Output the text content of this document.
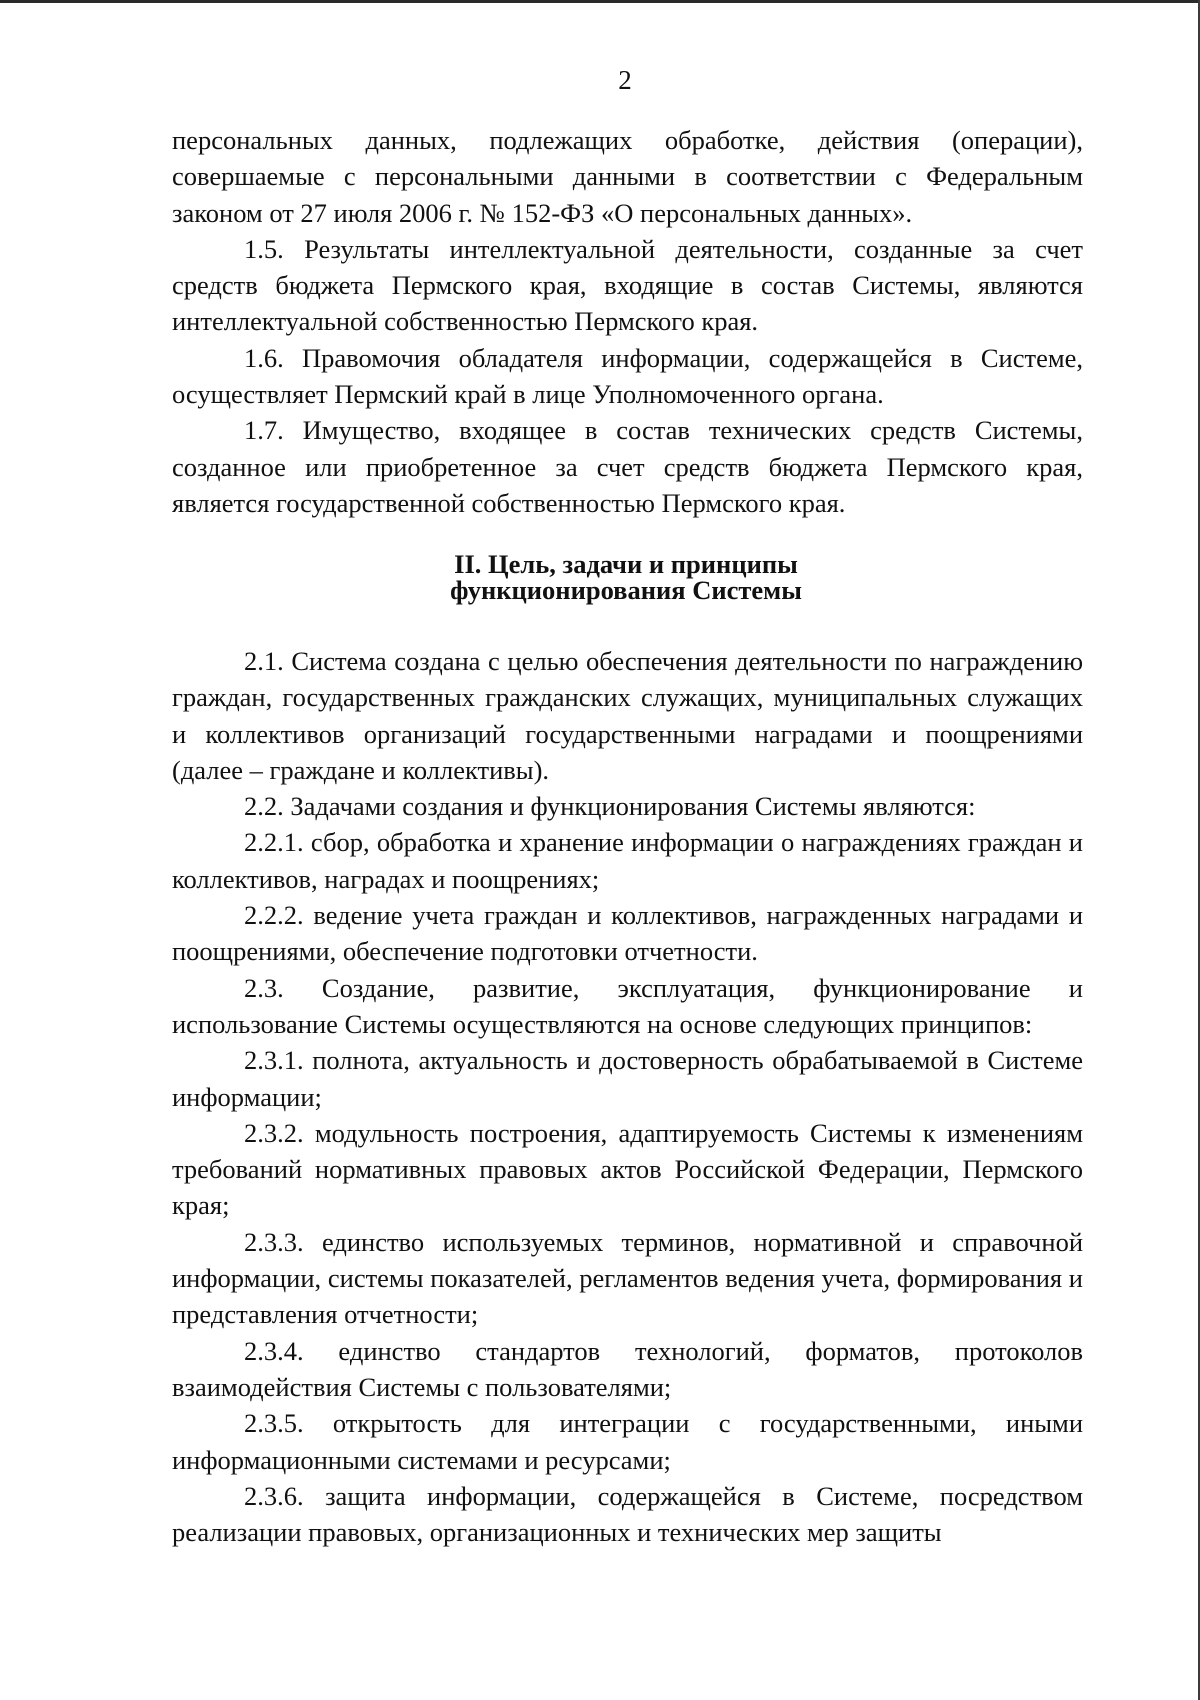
2

персональных данных, подлежащих обработке, действия (операции), совершаемые с персональными данными в соответствии с Федеральным законом от 27 июля 2006 г. № 152-ФЗ «О персональных данных».

1.5. Результаты интеллектуальной деятельности, созданные за счет средств бюджета Пермского края, входящие в состав Системы, являются интеллектуальной собственностью Пермского края.

1.6. Правомочия обладателя информации, содержащейся в Системе, осуществляет Пермский край в лице Уполномоченного органа.

1.7. Имущество, входящее в состав технических средств Системы, созданное или приобретенное за счет средств бюджета Пермского края, является государственной собственностью Пермского края.

II. Цель, задачи и принципы
функционирования Системы

2.1. Система создана с целью обеспечения деятельности по награждению граждан, государственных гражданских служащих, муниципальных служащих и коллективов организаций государственными наградами и поощрениями (далее – граждане и коллективы).

2.2. Задачами создания и функционирования Системы являются:

2.2.1. сбор, обработка и хранение информации о награждениях граждан и коллективов, наградах и поощрениях;

2.2.2. ведение учета граждан и коллективов, награжденных наградами и поощрениями, обеспечение подготовки отчетности.

2.3. Создание, развитие, эксплуатация, функционирование и использование Системы осуществляются на основе следующих принципов:

2.3.1. полнота, актуальность и достоверность обрабатываемой в Системе информации;

2.3.2. модульность построения, адаптируемость Системы к изменениям требований нормативных правовых актов Российской Федерации, Пермского края;

2.3.3. единство используемых терминов, нормативной и справочной информации, системы показателей, регламентов ведения учета, формирования и представления отчетности;

2.3.4. единство стандартов технологий, форматов, протоколов взаимодействия Системы с пользователями;

2.3.5. открытость для интеграции с государственными, иными информационными системами и ресурсами;

2.3.6. защита информации, содержащейся в Системе, посредством реализации правовых, организационных и технических мер защиты
